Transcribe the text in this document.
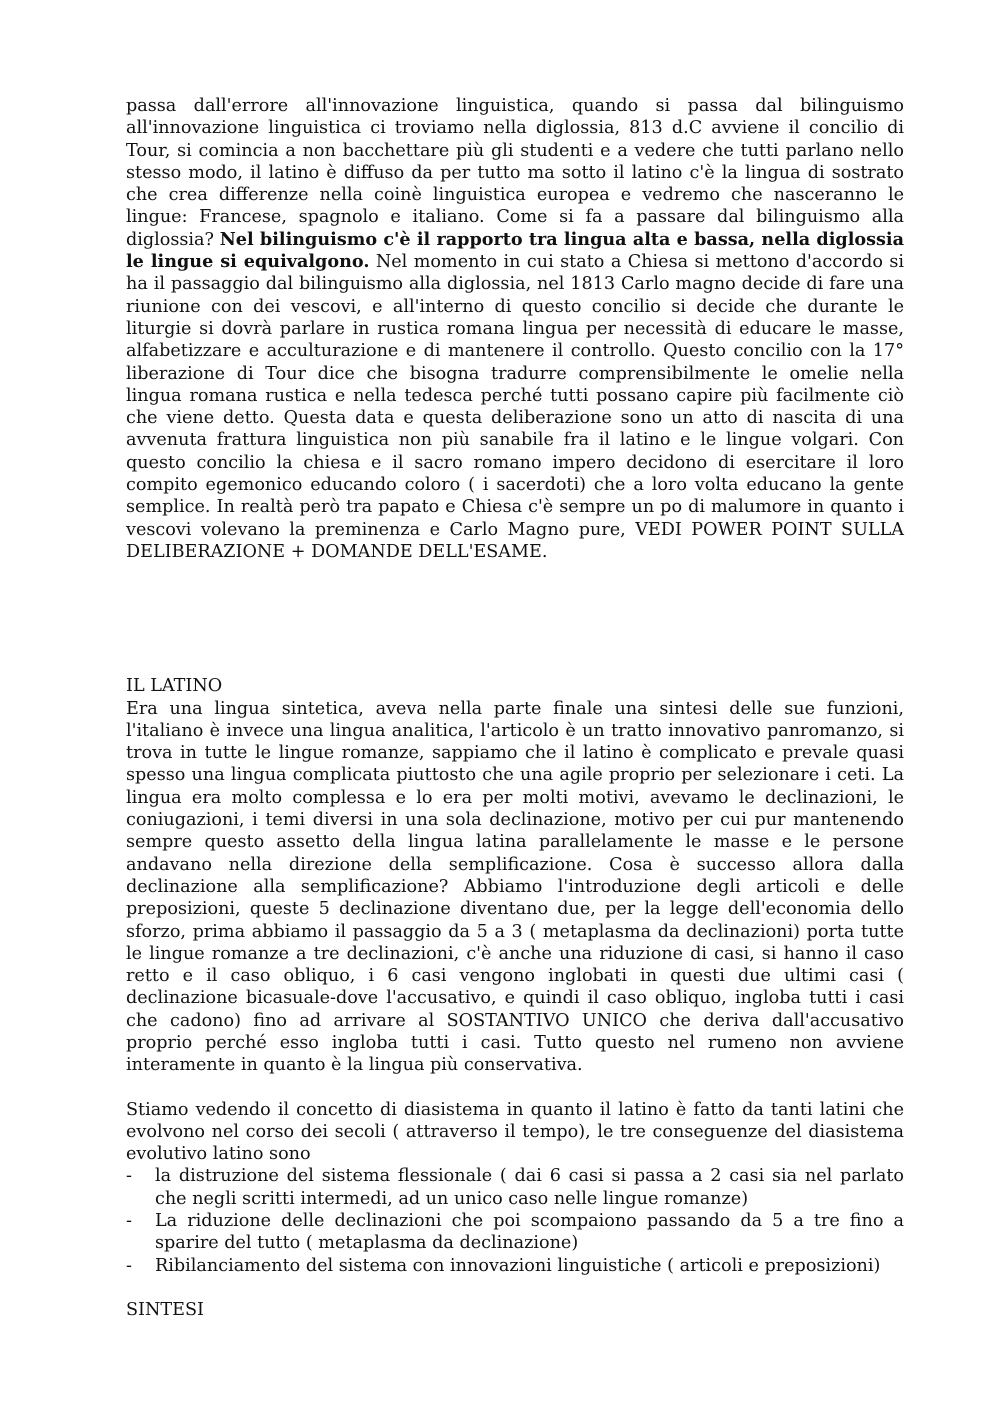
passa dall'errore all'innovazione linguistica, quando si passa dal bilinguismo all'innovazione linguistica ci troviamo nella diglossia, 813 d.C avviene il concilio di Tour, si comincia a non bacchettare più gli studenti e a vedere che tutti parlano nello stesso modo, il latino è diffuso da per tutto ma sotto il latino c'è la lingua di sostrato che crea differenze nella coinè linguistica europea e vedremo che nasceranno le lingue: Francese, spagnolo e italiano. Come si fa a passare dal bilinguismo alla diglossia? Nel bilinguismo c'è il rapporto tra lingua alta e bassa, nella diglossia le lingue si equivalgono. Nel momento in cui stato a Chiesa si mettono d'accordo si ha il passaggio dal bilinguismo alla diglossia, nel 1813 Carlo magno decide di fare una riunione con dei vescovi, e all'interno di questo concilio si decide che durante le liturgie si dovrà parlare in rustica romana lingua per necessità di educare le masse, alfabetizzare e acculturazione e di mantenere il controllo. Questo concilio con la 17° liberazione di Tour dice che bisogna tradurre comprensibilmente le omelie nella lingua romana rustica e nella tedesca perché tutti possano capire più facilmente ciò che viene detto. Questa data e questa deliberazione sono un atto di nascita di una avvenuta frattura linguistica non più sanabile fra il latino e le lingue volgari. Con questo concilio la chiesa e il sacro romano impero decidono di esercitare il loro compito egemonico educando coloro ( i sacerdoti) che a loro volta educano la gente semplice. In realtà però tra papato e Chiesa c'è sempre un po di malumore in quanto i vescovi volevano la preminenza e Carlo Magno pure, VEDI POWER POINT SULLA DELIBERAZIONE + DOMANDE DELL'ESAME.

IL LATINO

Era una lingua sintetica, aveva nella parte finale una sintesi delle sue funzioni, l'italiano è invece una lingua analitica, l'articolo è un tratto innovativo panromanzo, si trova in tutte le lingue romanze, sappiamo che il latino è complicato e prevale quasi spesso una lingua complicata piuttosto che una agile proprio per selezionare i ceti. La lingua era molto complessa e lo era per molti motivi, avevamo le declinazioni, le coniugazioni, i temi diversi in una sola declinazione, motivo per cui pur mantenendo sempre questo assetto della lingua latina parallelamente le masse e le persone andavano nella direzione della semplificazione. Cosa è successo allora dalla declinazione alla semplificazione? Abbiamo l'introduzione degli articoli e delle preposizioni, queste 5 declinazione diventano due, per la legge dell'economia dello sforzo, prima abbiamo il passaggio da 5 a 3 ( metaplasma da declinazioni) porta tutte le lingue romanze a tre declinazioni, c'è anche una riduzione di casi, si hanno il caso retto e il caso obliquo, i 6 casi vengono inglobati in questi due ultimi casi ( declinazione bicasuale-dove l'accusativo, e quindi il caso obliquo, ingloba tutti i casi che cadono) fino ad arrivare al SOSTANTIVO UNICO che deriva dall'accusativo proprio perché esso ingloba tutti i casi. Tutto questo nel rumeno non avviene interamente in quanto è la lingua più conservativa.

Stiamo vedendo il concetto di diasistema in quanto il latino è fatto da tanti latini che evolvono nel corso dei secoli ( attraverso il tempo), le tre conseguenze del diasistema evolutivo latino sono

- la distruzione del sistema flessionale ( dai 6 casi si passa a 2 casi sia nel parlato che negli scritti intermedi, ad un unico caso nelle lingue romanze)
- La riduzione delle declinazioni che poi scompaiono passando da 5 a tre fino a sparire del tutto ( metaplasma da declinazione)
- Ribilanciamento del sistema con innovazioni linguistiche ( articoli e preposizioni)

SINTESI
